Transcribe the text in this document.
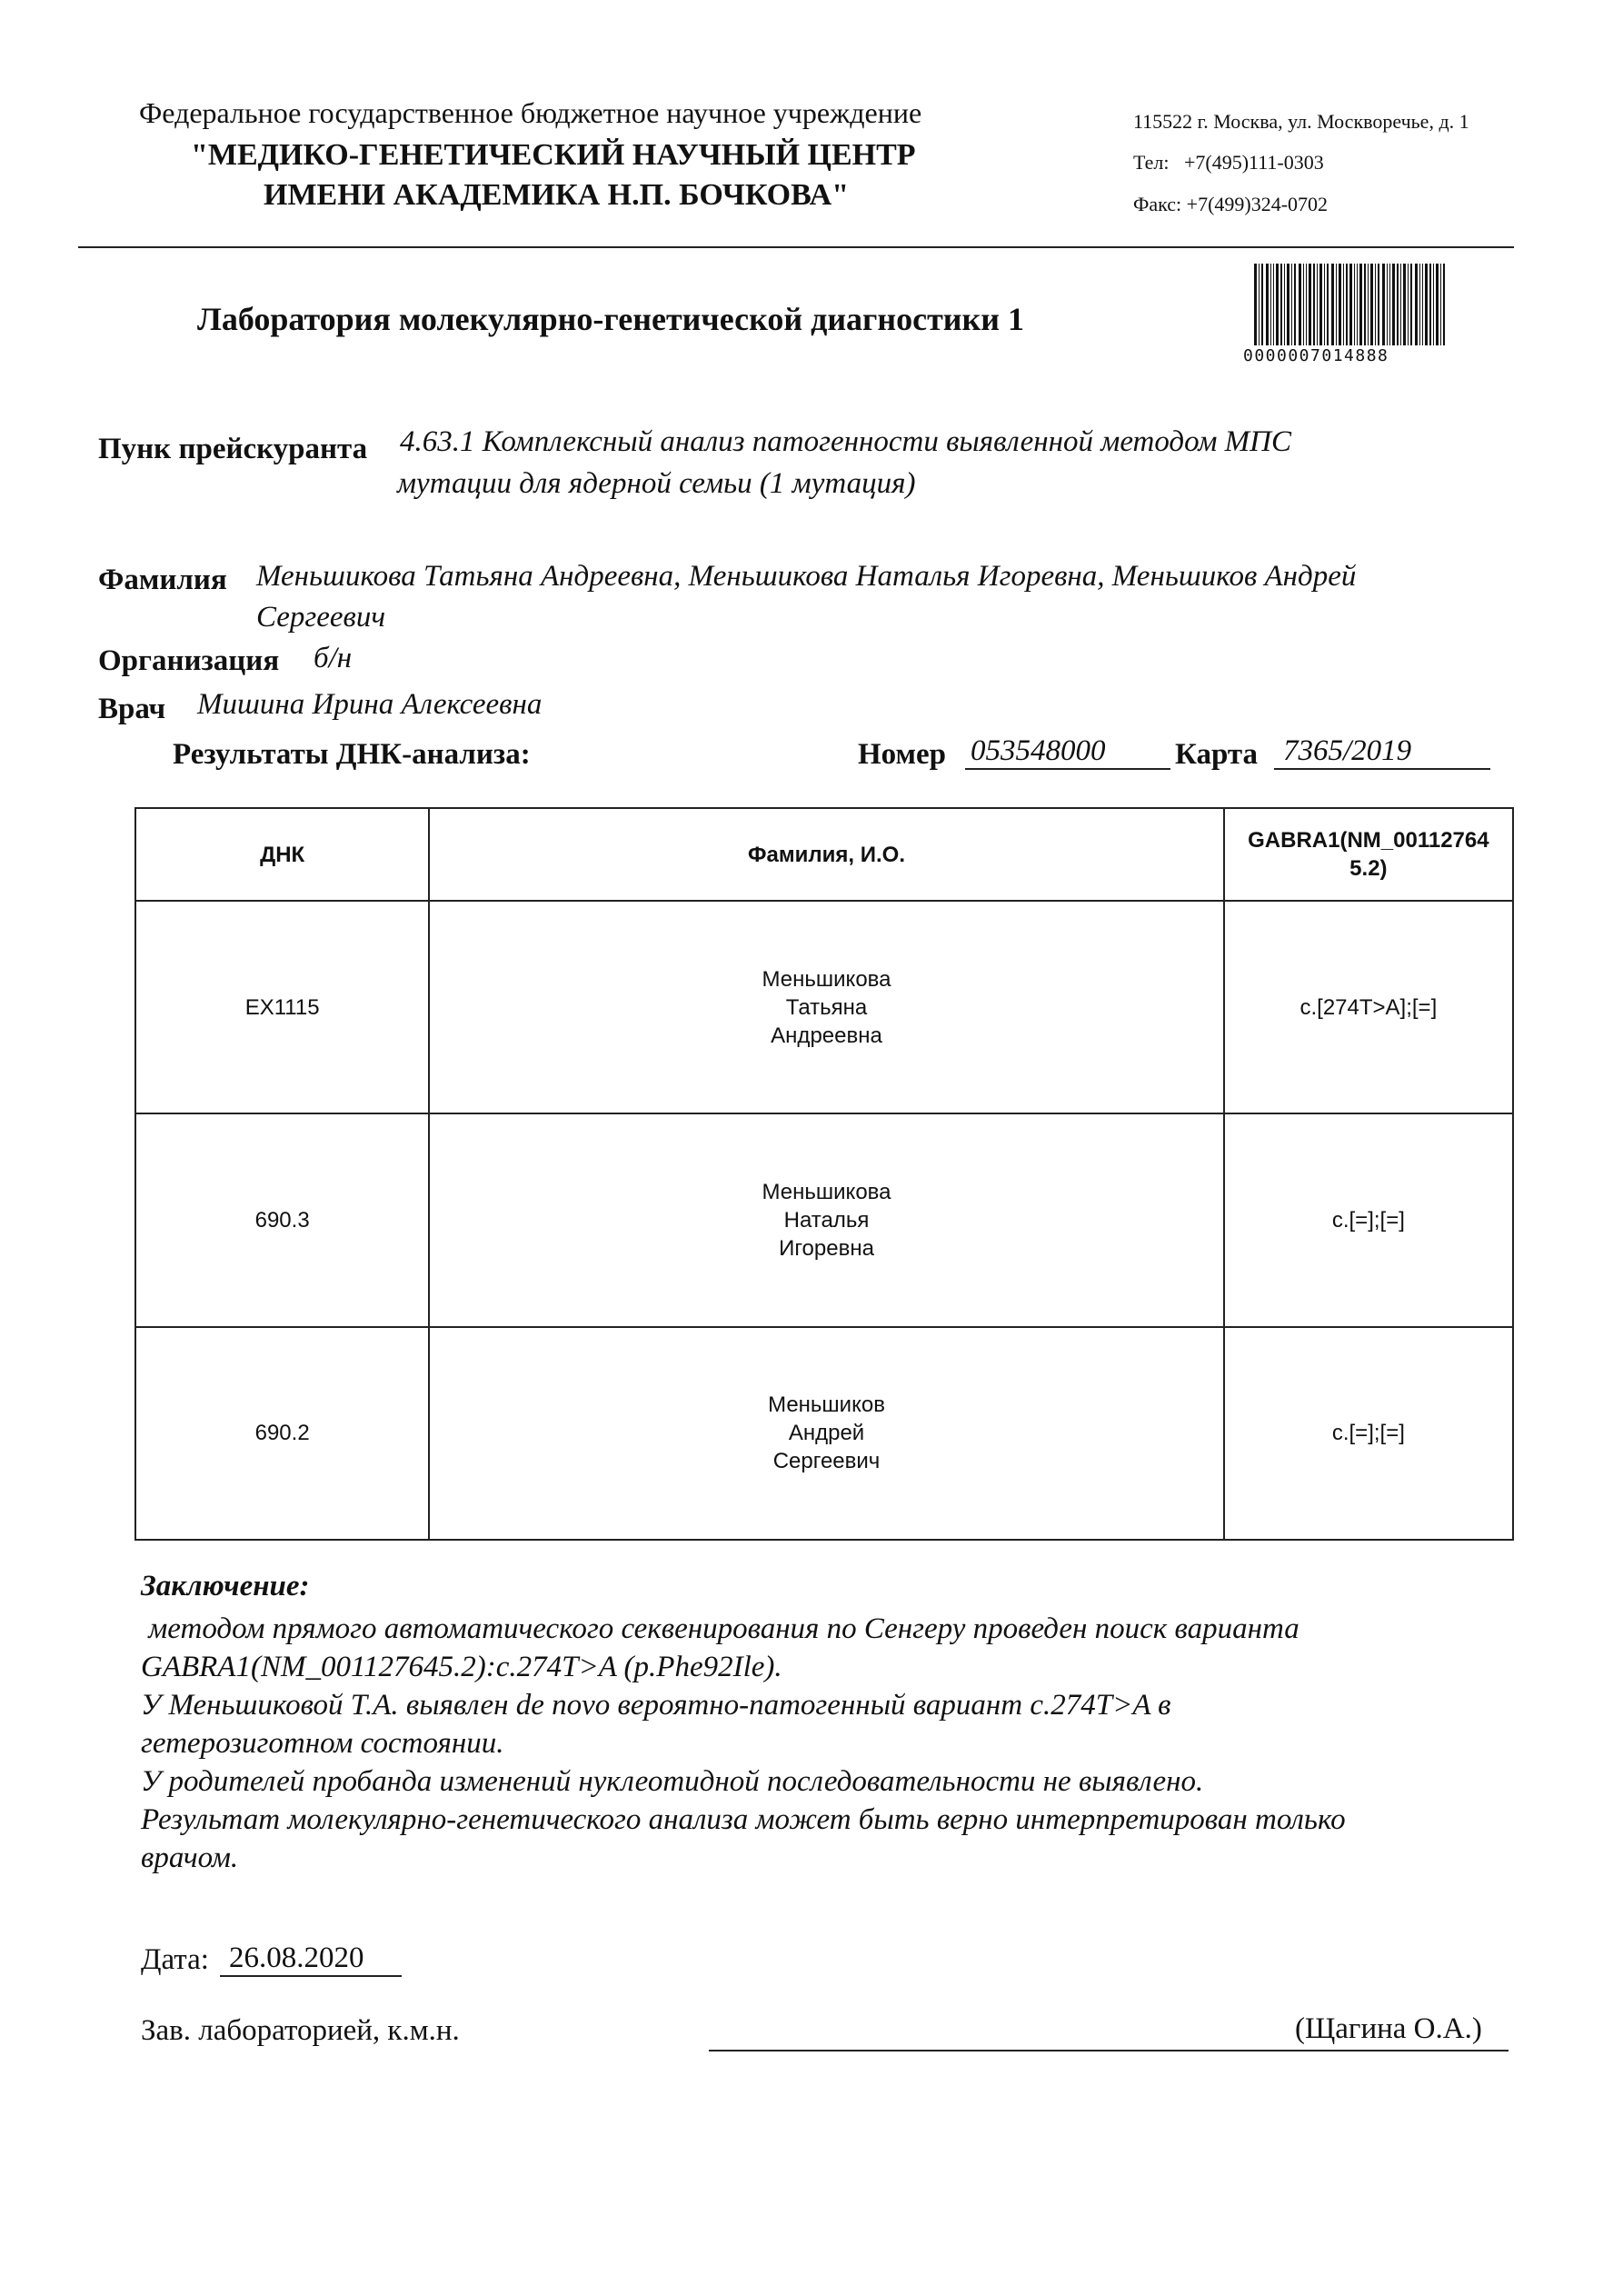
Федеральное государственное бюджетное научное учреждение
"МЕДИКО-ГЕНЕТИЧЕСКИЙ НАУЧНЫЙ ЦЕНТР
ИМЕНИ АКАДЕМИКА Н.П. БОЧКОВА"
115522 г. Москва, ул. Москворечье, д. 1
Тел:   +7(495)111-0303
Факс: +7(499)324-0702
Лаборатория молекулярно-генетической диагностики 1
0000007014888
Пунк прейскуранта 4.63.1 Комплексный анализ патогенности выявленной методом МПС
мутации для ядерной семьи (1 мутация)
Фамилия Меньшикова Татьяна Андреевна, Меньшикова Наталья Игоревна, Меньшиков Андрей
Сергеевич
Организация б/н
Врач Мишина Ирина Алексеевна
Результаты ДНК-анализа:	Номер 053548000	Карта 7365/2019
ДНК	Фамилия, И.О.	GABRA1(NM_001127645.2)
EX1115	Меньшикова
Татьяна
Андреевна	c.[274T>A];[=]
690.3	Меньшикова
Наталья
Игоревна	c.[=];[=]
690.2	Меньшиков
Андрей
Сергеевич	c.[=];[=]
Заключение:
методом прямого автоматического секвенирования по Сенгеру проведен поиск варианта
GABRA1(NM_001127645.2):c.274T>A (p.Phe92Ile).
У Меньшиковой Т.А. выявлен de novo вероятно-патогенный вариант c.274T>A в
гетерозиготном состоянии.
У родителей пробанда изменений нуклеотидной последовательности не выявлено.
Результат молекулярно-генетического анализа может быть верно интерпретирован только
врачом.
Дата: 26.08.2020
Зав. лабораторией, к.м.н.	(Щагина О.А.)
